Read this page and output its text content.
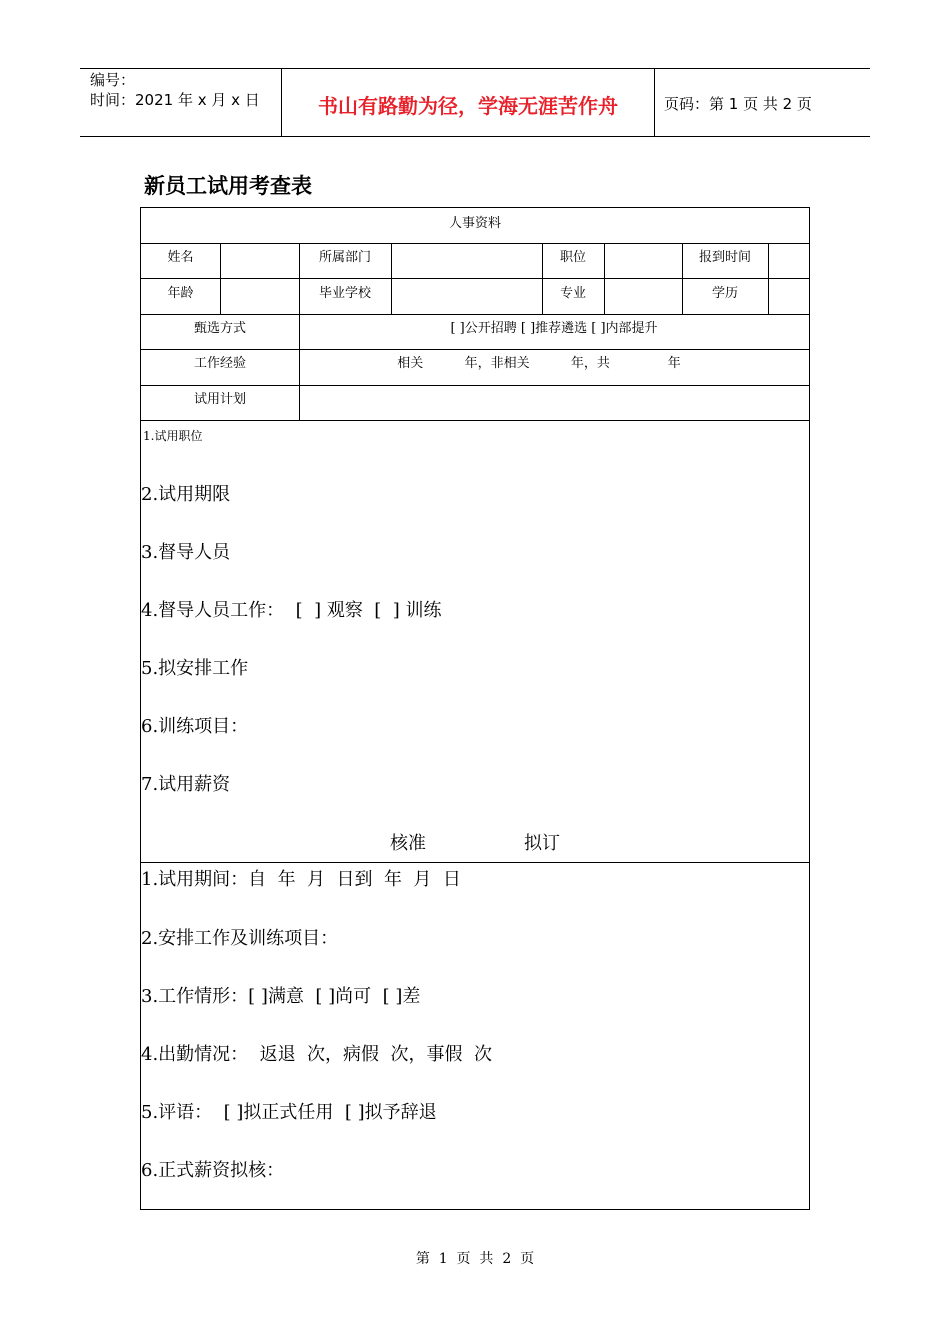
编号：
时间：2021 年 x 月 x 日	书山有路勤为径，学海无涯苦作舟	页码：第 1 页 共 2 页
新员工试用考查表
人事资料
姓名	所属部门	职位	报到时间
年龄	毕业学校	专业	学历
甄选方式	[ ]公开招聘 [ ]推荐遴选 [ ]内部提升
工作经验	相关          年，非相关          年，共              年
试用计划
1.试用职位
2.试用期限
3.督导人员
4.督导人员工作：  [  ] 观察  [  ] 训练
5.拟安排工作
6.训练项目：
7.试用薪资
核准	拟订
1.试用期间：自  年  月  日到  年  月  日
2.安排工作及训练项目：
3.工作情形：[ ]满意  [ ]尚可  [ ]差
4.出勤情况：  返退  次，病假  次，事假  次
5.评语：  [ ]拟正式任用  [ ]拟予辞退
6.正式薪资拟核：
第  1  页  共  2  页
